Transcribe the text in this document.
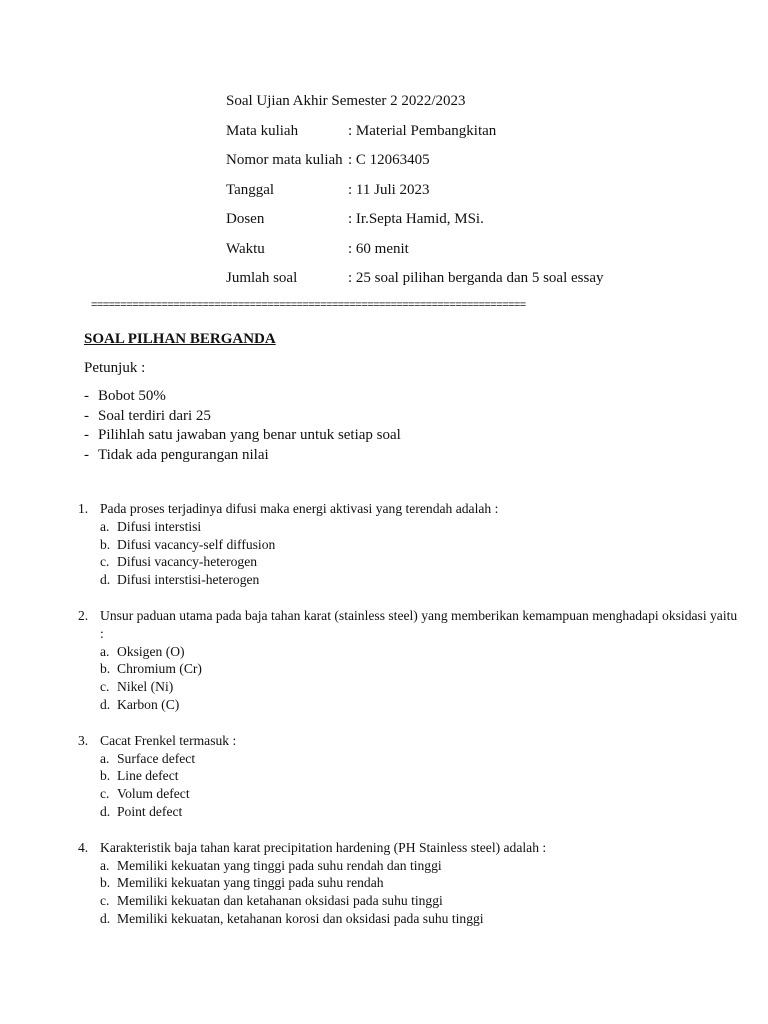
Soal Ujian Akhir Semester 2 2022/2023
Mata kuliah	: Material Pembangkitan
Nomor mata kuliah : C 12063405
Tanggal	: 11 Juli 2023
Dosen	: Ir.Septa Hamid, MSi.
Waktu	: 60 menit
Jumlah soal	: 25 soal pilihan berganda dan 5 soal essay
==========================================================================
SOAL PILHAN BERGANDA
Petunjuk :
- Bobot 50%
- Soal terdiri dari 25
- Pilihlah satu jawaban yang benar untuk setiap soal
- Tidak ada pengurangan nilai
1. Pada proses terjadinya difusi maka energi aktivasi yang terendah adalah :
a. Difusi interstisi
b. Difusi vacancy-self diffusion
c. Difusi vacancy-heterogen
d. Difusi interstisi-heterogen
2. Unsur paduan utama pada baja tahan karat (stainless steel) yang memberikan kemampuan menghadapi oksidasi yaitu :
a. Oksigen (O)
b. Chromium (Cr)
c. Nikel (Ni)
d. Karbon (C)
3. Cacat Frenkel termasuk :
a. Surface defect
b. Line defect
c. Volum defect
d. Point defect
4. Karakteristik baja tahan karat precipitation hardening (PH Stainless steel) adalah :
a. Memiliki kekuatan yang tinggi pada suhu rendah dan tinggi
b. Memiliki kekuatan yang tinggi pada suhu rendah
c. Memiliki kekuatan dan ketahanan oksidasi pada suhu tinggi
d. Memiliki kekuatan, ketahanan korosi dan oksidasi pada suhu tinggi
